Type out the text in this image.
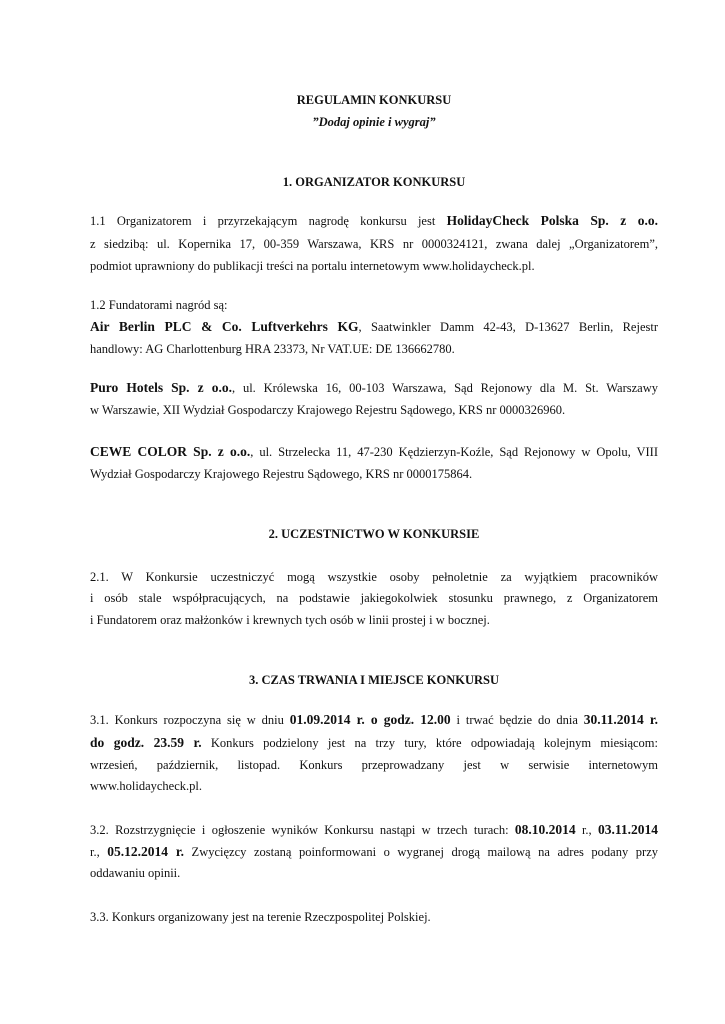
REGULAMIN KONKURSU
”Dodaj opinie i wygraj”
1. ORGANIZATOR KONKURSU
1.1 Organizatorem i przyrzekającym nagrodę konkursu jest HolidayCheck Polska Sp. z o.o.
z siedzibą: ul. Kopernika 17, 00-359 Warszawa, KRS nr 0000324121, zwana dalej „Organizatorem”,
podmiot uprawniony do publikacji treści na portalu internetowym www.holidaycheck.pl.
1.2 Fundatorami nagród są:
Air Berlin PLC & Co. Luftverkehrs KG, Saatwinkler Damm 42-43, D-13627 Berlin, Rejestr
handlowy: AG Charlottenburg HRA 23373, Nr VAT.UE: DE 136662780.
Puro Hotels Sp. z o.o., ul. Królewska 16, 00-103 Warszawa, Sąd Rejonowy dla M. St. Warszawy
w Warszawie, XII Wydział Gospodarczy Krajowego Rejestru Sądowego, KRS nr 0000326960.
CEWE COLOR Sp. z o.o., ul. Strzelecka 11, 47-230 Kędzierzyn-Koźle, Sąd Rejonowy w Opolu, VIII
Wydział Gospodarczy Krajowego Rejestru Sądowego, KRS nr 0000175864.
2. UCZESTNICTWO W KONKURSIE
2.1. W Konkursie uczestniczyć mogą wszystkie osoby pełnoletnie za wyjątkiem pracowników
i osób stale współpracujących, na podstawie jakiegokolwiek stosunku prawnego, z Organizatorem
i Fundatorem oraz małżonków i krewnych tych osób w linii prostej i w bocznej.
3. CZAS TRWANIA I MIEJSCE KONKURSU
3.1. Konkurs rozpoczyna się w dniu 01.09.2014 r. o godz. 12.00 i trwać będzie do dnia 30.11.2014 r.
do godz. 23.59 r. Konkurs podzielony jest na trzy tury, które odpowiadają kolejnym miesiącom:
wrzesień, październik, listopad. Konkurs przeprowadzany jest w serwisie internetowym
www.holidaycheck.pl.
3.2. Rozstrzygnięcie i ogłoszenie wyników Konkursu nastąpi w trzech turach: 08.10.2014 r., 03.11.2014
r., 05.12.2014 r. Zwycięzcy zostaną poinformowani o wygranej drogą mailową na adres podany przy
oddawaniu opinii.
3.3. Konkurs organizowany jest na terenie Rzeczpospolitej Polskiej.
